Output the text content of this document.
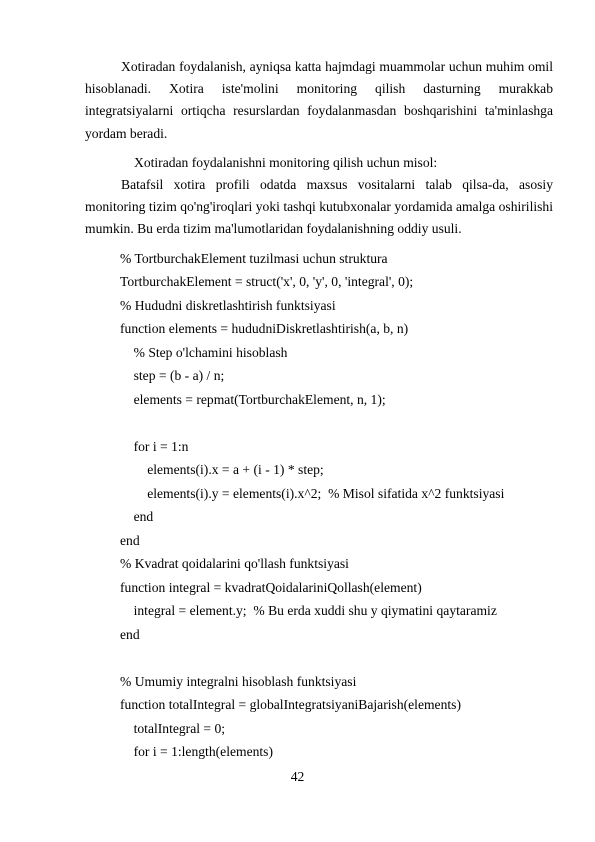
Xotiradan foydalanish, ayniqsa katta hajmdagi muammolar uchun muhim omil hisoblanadi. Xotira iste'molini monitoring qilish dasturning murakkab integratsiyalarni ortiqcha resurslardan foydalanmasdan boshqarishini ta'minlashga yordam beradi.

Xotiradan foydalanishni monitoring qilish uchun misol:

Batafsil xotira profili odatda maxsus vositalarni talab qilsa-da, asosiy monitoring tizim qo'ng'iroqlari yoki tashqi kutubxonalar yordamida amalga oshirilishi mumkin. Bu erda tizim ma'lumotlaridan foydalanishning oddiy usuli.

% TortburchakElement tuzilmasi uchun struktura

TortburchakElement = struct('x', 0, 'y', 0, 'integral', 0);

% Hududni diskretlashtirish funktsiyasi

function elements = hududniDiskretlashtirish(a, b, n)

% Step o'lchamini hisoblash

step = (b - a) / n;

elements = repmat(TortburchakElement, n, 1);

for i = 1:n

elements(i).x = a + (i - 1) * step;

elements(i).y = elements(i).x^2;  % Misol sifatida x^2 funktsiyasi

end

end

% Kvadrat qoidalarini qo'llash funktsiyasi

function integral = kvadratQoidalariniQollash(element)

integral = element.y;  % Bu erda xuddi shu y qiymatini qaytaramiz

end

% Umumiy integralni hisoblash funktsiyasi

function totalIntegral = globalIntegratsiyaniBajarish(elements)

totalIntegral = 0;

for i = 1:length(elements)

42
